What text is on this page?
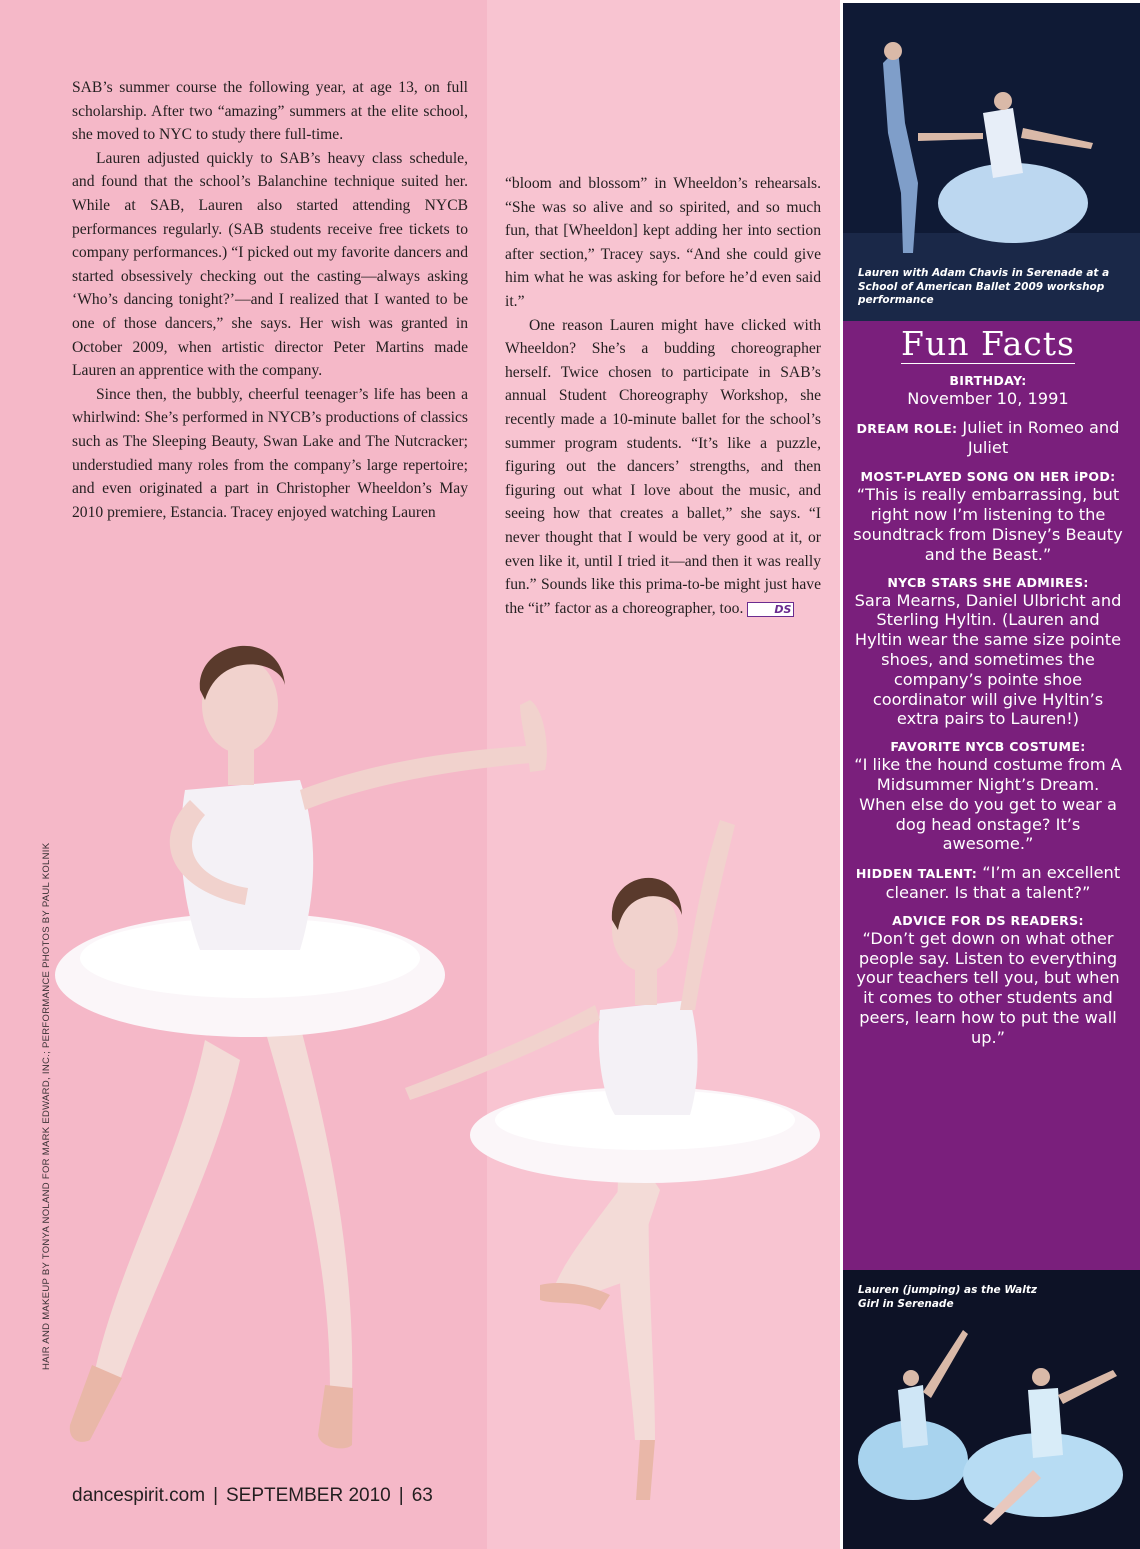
SAB’s summer course the following year, at age 13, on full scholarship. After two “amazing” summers at the elite school, she moved to NYC to study there full-time.

Lauren adjusted quickly to SAB’s heavy class schedule, and found that the school’s Balanchine technique suited her. While at SAB, Lauren also started attending NYCB performances regularly. (SAB students receive free tickets to company performances.) “I picked out my favorite dancers and started obsessively checking out the casting—always asking ‘Who’s dancing tonight?’—and I realized that I wanted to be one of those dancers,” she says. Her wish was granted in October 2009, when artistic director Peter Martins made Lauren an apprentice with the company.

Since then, the bubbly, cheerful teenager’s life has been a whirlwind: She’s performed in NYCB’s productions of classics such as The Sleeping Beauty, Swan Lake and The Nutcracker; understudied many roles from the company’s large repertoire; and even originated a part in Christopher Wheeldon’s May 2010 premiere, Estancia. Tracey enjoyed watching Lauren

“bloom and blossom” in Wheeldon’s rehearsals. “She was so alive and so spirited, and so much fun, that [Wheeldon] kept adding her into section after section,” Tracey says. “And she could give him what he was asking for before he’d even said it.”

One reason Lauren might have clicked with Wheeldon? She’s a budding choreographer herself. Twice chosen to participate in SAB’s annual Student Choreography Workshop, she recently made a 10-minute ballet for the school’s summer program students. “It’s like a puzzle, figuring out the dancers’ strengths, and then figuring out what I love about the music, and seeing how that creates a ballet,” she says. “I never thought that I would be very good at it, or even like it, until I tried it—and then it was really fun.” Sounds like this prima-to-be might just have the “it” factor as a choreographer, too.	DS

HAIR AND MAKEUP BY TONYA NOLAND FOR MARK EDWARD, INC.; PERFORMANCE PHOTOS BY PAUL KOLNIK
dancespirit.com | SEPTEMBER 2010 | 63
Lauren with Adam Chavis in Serenade at a School of American Ballet 2009 workshop performance
Fun Facts
BIRTHDAY:
November 10, 1991
DREAM ROLE: Juliet in Romeo and Juliet
MOST-PLAYED SONG ON HER iPOD: “This is really embarrassing, but right now I’m listening to the soundtrack from Disney’s Beauty and the Beast.”
NYCB STARS SHE ADMIRES:
Sara Mearns, Daniel Ulbricht and Sterling Hyltin. (Lauren and Hyltin wear the same size pointe shoes, and sometimes the company’s pointe shoe coordinator will give Hyltin’s extra pairs to Lauren!)
FAVORITE NYCB COSTUME:
“I like the hound costume from A Midsummer Night’s Dream. When else do you get to wear a dog head onstage? It’s awesome.”
HIDDEN TALENT: “I’m an excellent cleaner. Is that a talent?”
ADVICE FOR DS READERS:
“Don’t get down on what other people say. Listen to everything your teachers tell you, but when it comes to other students and peers, learn how to put the wall up.”
Lauren (jumping) as the Waltz Girl in Serenade
